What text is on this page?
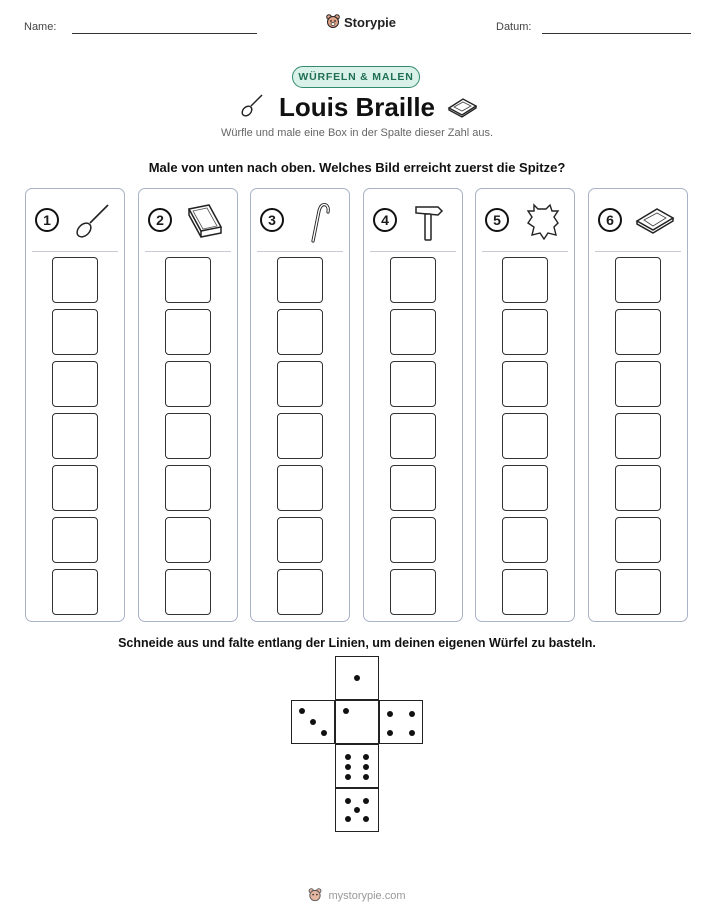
Name:	Storypie	Datum:
WÜRFELN & MALEN
Louis Braille
Würfle und male eine Box in der Spalte dieser Zahl aus.
Male von unten nach oben. Welches Bild erreicht zuerst die Spitze?
1	2	3	4	5	6
Schneide aus und falte entlang der Linien, um deinen eigenen Würfel zu basteln.
mystorypie.com
